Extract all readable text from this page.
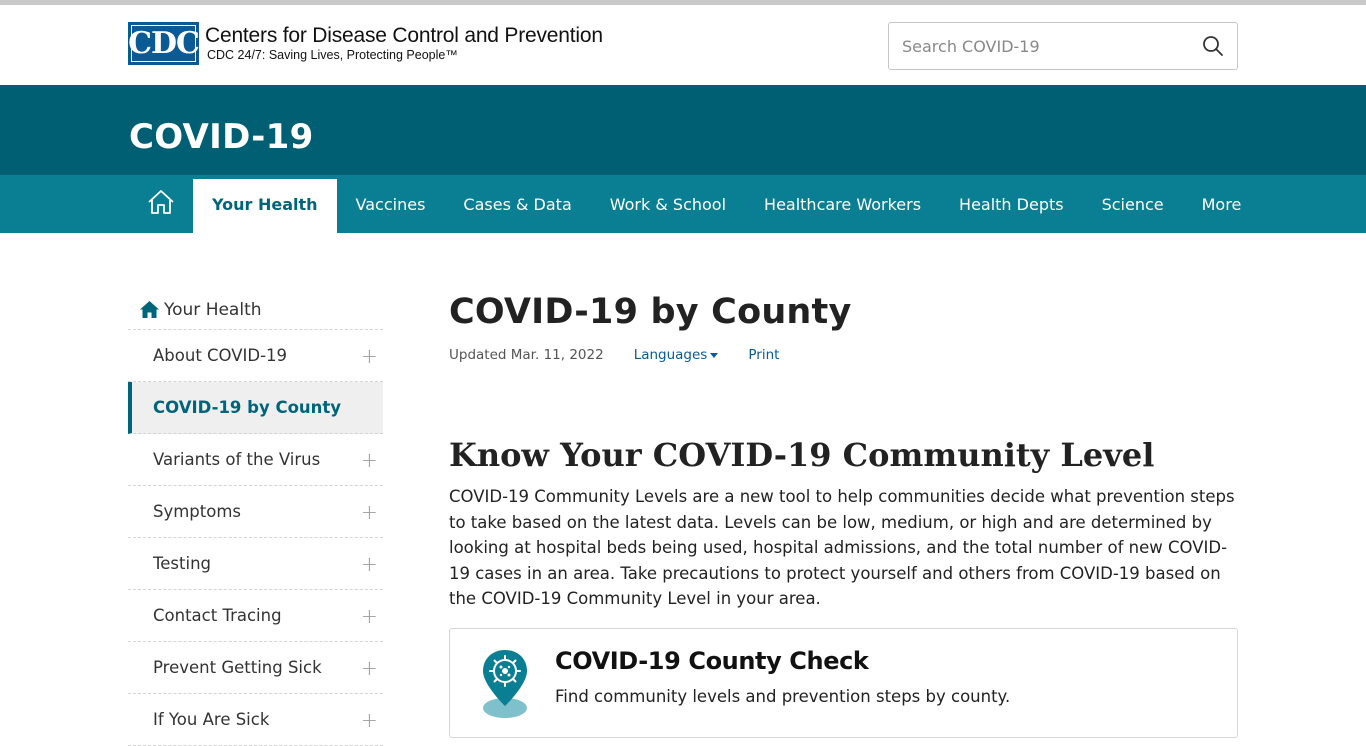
CDC Centers for Disease Control and Prevention
CDC 24/7: Saving Lives, Protecting People™
Search COVID-19
COVID-19
Your Health Vaccines Cases & Data Work & School Healthcare Workers Health Depts Science More
Your Health
About COVID-19	+
COVID-19 by County
Variants of the Virus +
Symptoms	+
Testing	+
Contact Tracing	+
Prevent Getting Sick +
If You Are Sick	+
COVID-19 by County
Updated Mar. 11, 2022 Languages	Print
Know Your COVID-19 Community Level

COVID-19 Community Levels are a new tool to help communities decide what prevention steps to take based on the latest data. Levels can be low, medium, or high and are determined by looking at hospital beds being used, hospital admissions, and the total number of new COVID-19 cases in an area. Take precautions to protect yourself and others from COVID-19 based on the COVID-19 Community Level in your area.

COVID-19 County Check
Find community levels and prevention steps by county.
